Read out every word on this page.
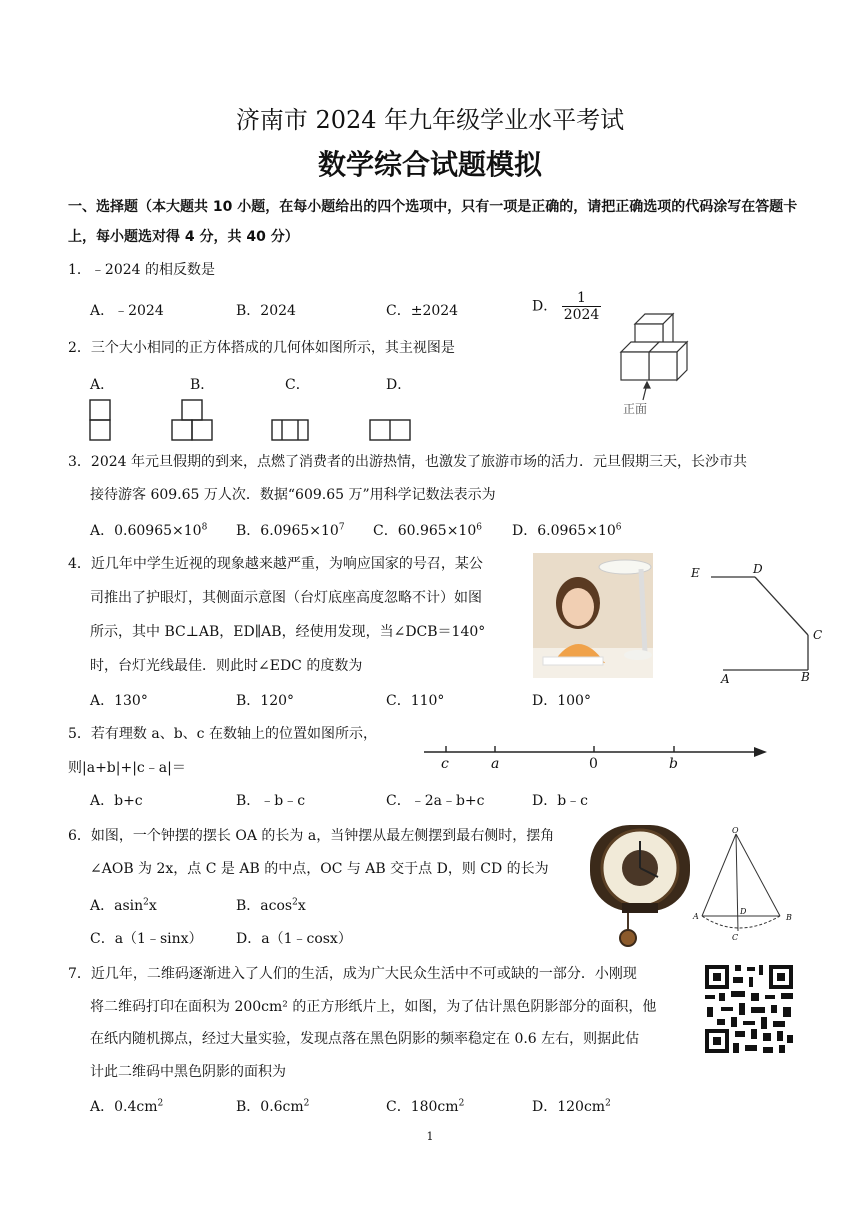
济南市 2024 年九年级学业水平考试
数学综合试题模拟
一、选择题（本大题共 10 小题，在每小题给出的四个选项中，只有一项是正确的，请把正确选项的代码涂写在答题卡上，每小题选对得 4 分，共 40 分）
1．﹣2024 的相反数是
A．﹣2024	B．2024	C．±2024	D． $\frac{1}{2024}$
2．三个大小相同的正方体搭成的几何体如图所示，其主视图是
A．	B．	C．	D．
正面
3．2024 年元旦假期的到来，点燃了消费者的出游热情，也激发了旅游市场的活力．元旦假期三天，长沙市共
接待游客 609.65 万人次．数据“609.65 万”用科学记数法表示为
A．$0.60965\times 10^8$ B．$6.0965\times 10^7$ C．$60.965\times 10^6$ D．$6.0965\times 10^6$
4．近几年中学生近视的现象越来越严重，为响应国家的号召，某公
司推出了护眼灯，其侧面示意图（台灯底座高度忽略不计）如图
所示，其中 BC⊥AB，ED∥AB，经使用发现，当∠DCB＝140°
时，台灯光线最佳．则此时∠EDC 的度数为
A．130°	B．120°	C．110°	D．100°
E	D
C
A	B
5．若有理数 a、b、c 在数轴上的位置如图所示，
则|a+b|+|c﹣a|＝
A．b+c	B．﹣b﹣c	C．﹣2a﹣b+c	D．b﹣c
c	a	0	b
6．如图，一个钟摆的摆长 OA 的长为 a，当钟摆从最左侧摆到最右侧时，摆角
∠AOB 为 2x，点 C 是 AB 的中点，OC 与 AB 交于点 D，则 CD 的长为
A．asin$^2$x	B．acos$^2$x
C．a（1﹣sinx） D．a（1﹣cosx）
O
A
D
B
C
7．近几年，二维码逐渐进入了人们的生活，成为广大民众生活中不可或缺的一部分．小刚现
将二维码打印在面积为 200cm² 的正方形纸片上，如图，为了估计黑色阴影部分的面积，他
在纸内随机掷点，经过大量实验，发现点落在黑色阴影的频率稳定在 0.6 左右，则据此估
计此二维码中黑色阴影的面积为
A．$0.4cm^2$	B．$0.6cm^2$	C．$180cm^2$	D．$120cm^2$
1
